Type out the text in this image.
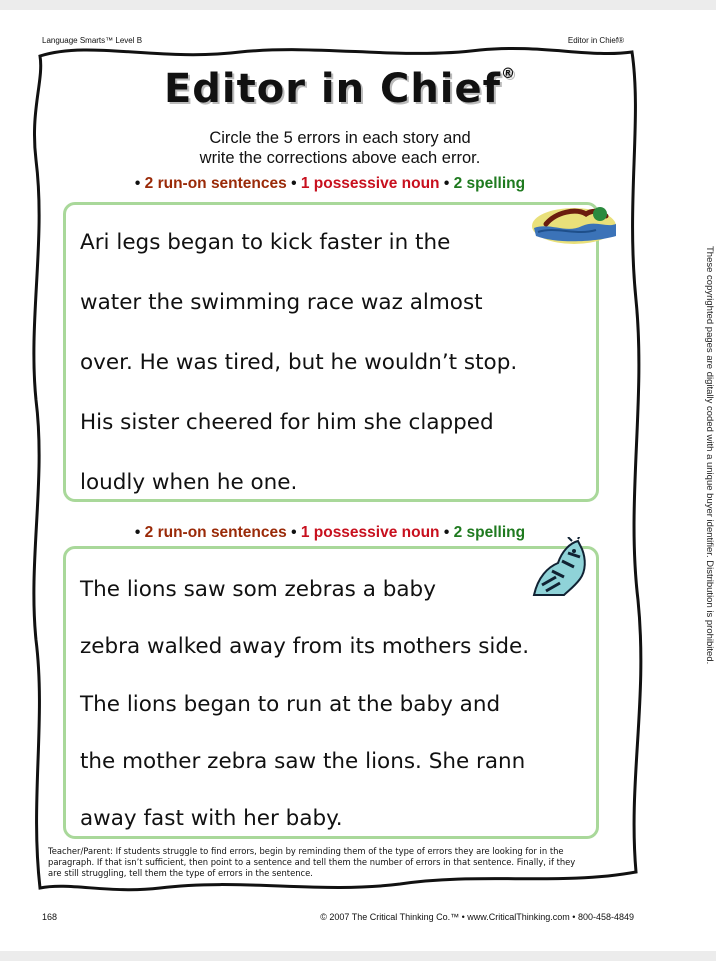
Language Smarts™ Level B	Editor in Chief®
Editor in Chief®
Circle the 5 errors in each story and
write the corrections above each error.
• 2 run-on sentences • 1 possessive noun • 2 spelling
Ari legs began to kick faster in the
water the swimming race waz almost
over. He was tired, but he wouldn’t stop.
His sister cheered for him she clapped
loudly when he one.
• 2 run-on sentences • 1 possessive noun • 2 spelling
The lions saw som zebras a baby
zebra walked away from its mothers side.
The lions began to run at the baby and
the mother zebra saw the lions. She rann
away fast with her baby.
Teacher/Parent: If students struggle to find errors, begin by reminding them of the type of errors they are looking for in the paragraph. If that isn’t sufficient, then point to a sentence and tell them the number of errors in that sentence. Finally, if they are still struggling, tell them the type of errors in the sentence.
168	© 2007 The Critical Thinking Co.™ • www.CriticalThinking.com • 800-458-4849
These copyrighted pages are digitally coded with a unique buyer identifier. Distribution is prohibited.
